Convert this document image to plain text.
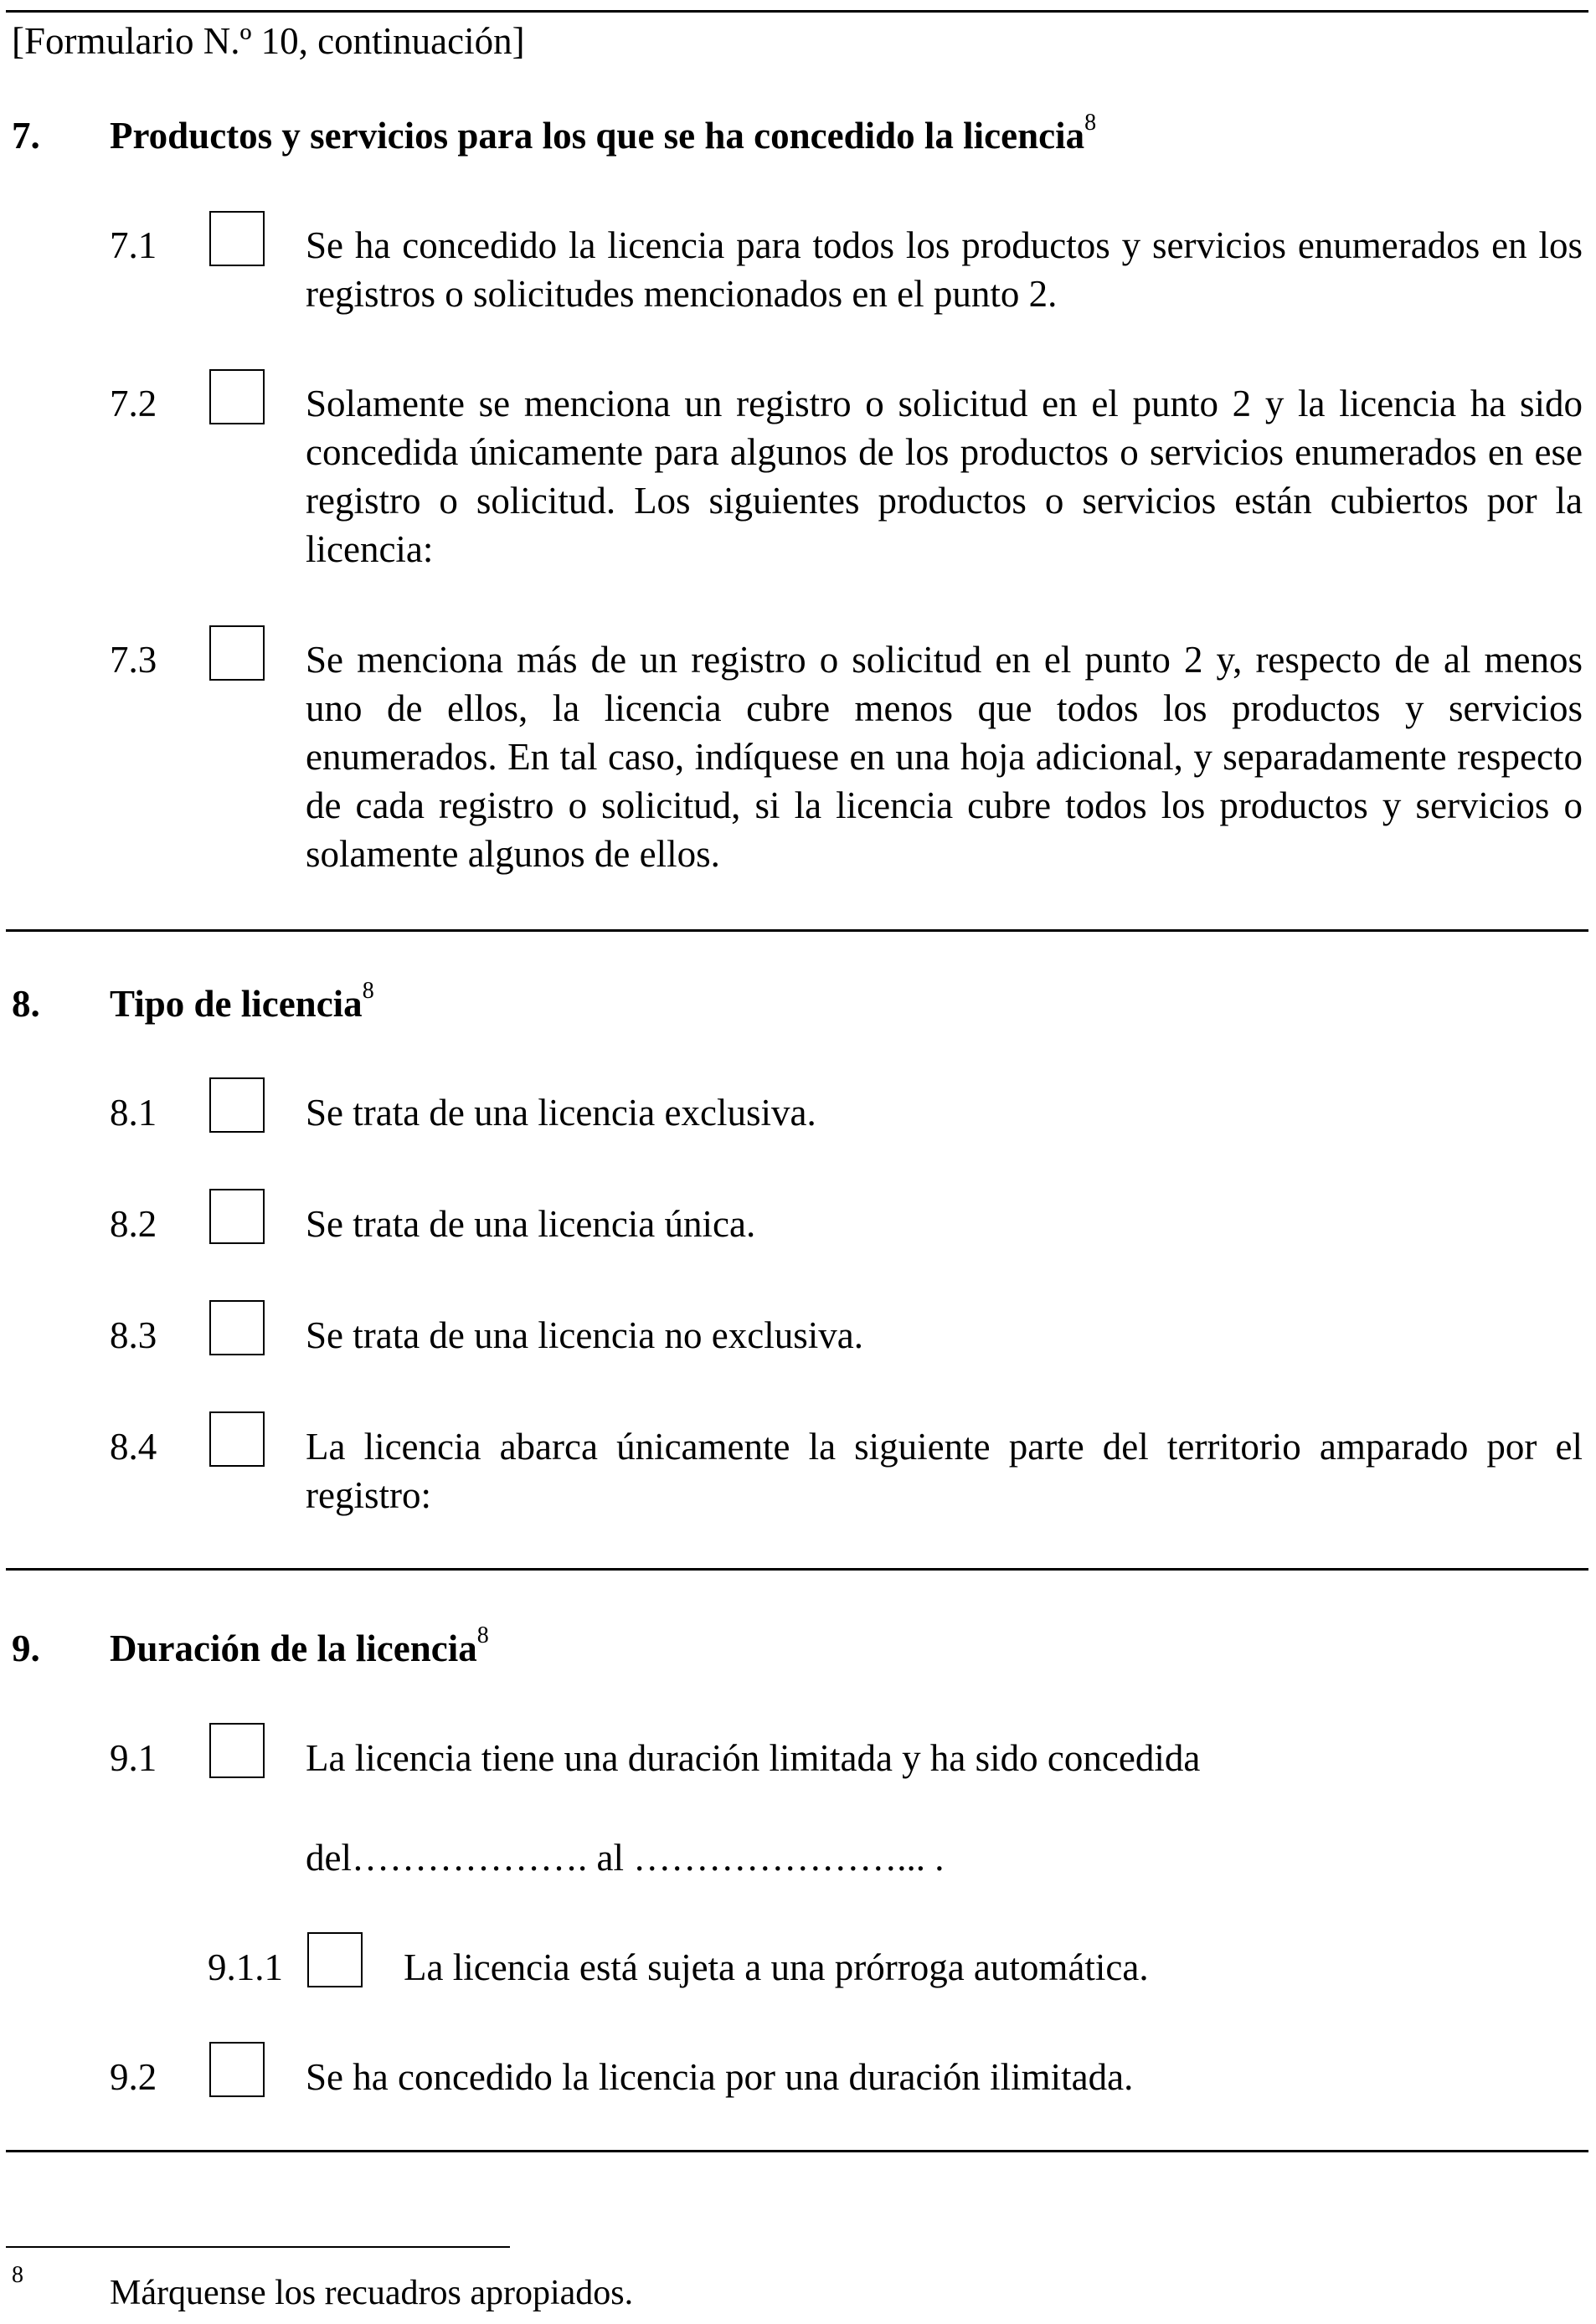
[Formulario N.º 10, continuación]
7. Productos y servicios para los que se ha concedido la licencia$^8$
7.1	Se ha concedido la licencia para todos los productos y servicios enumerados en los registros o solicitudes mencionados en el punto 2.
7.2	Solamente se menciona un registro o solicitud en el punto 2 y la licencia ha sido concedida únicamente para algunos de los productos o servicios enumerados en ese registro o solicitud. Los siguientes productos o servicios están cubiertos por la licencia:
7.3	Se menciona más de un registro o solicitud en el punto 2 y, respecto de al menos uno de ellos, la licencia cubre menos que todos los productos y servicios enumerados. En tal caso, indíquese en una hoja adicional, y separadamente respecto de cada registro o solicitud, si la licencia cubre todos los productos y servicios o solamente algunos de ellos.
8. Tipo de licencia$^8$
8.1	Se trata de una licencia exclusiva.
8.2	Se trata de una licencia única.
8.3	Se trata de una licencia no exclusiva.
8.4	La licencia abarca únicamente la siguiente parte del territorio amparado por el registro:
9. Duración de la licencia$^8$
9.1	La licencia tiene una duración limitada y ha sido concedida
del………………. al …………………... .
9.1.1	La licencia está sujeta a una prórroga automática.
9.2	Se ha concedido la licencia por una duración ilimitada.
8 Márquense los recuadros apropiados.
